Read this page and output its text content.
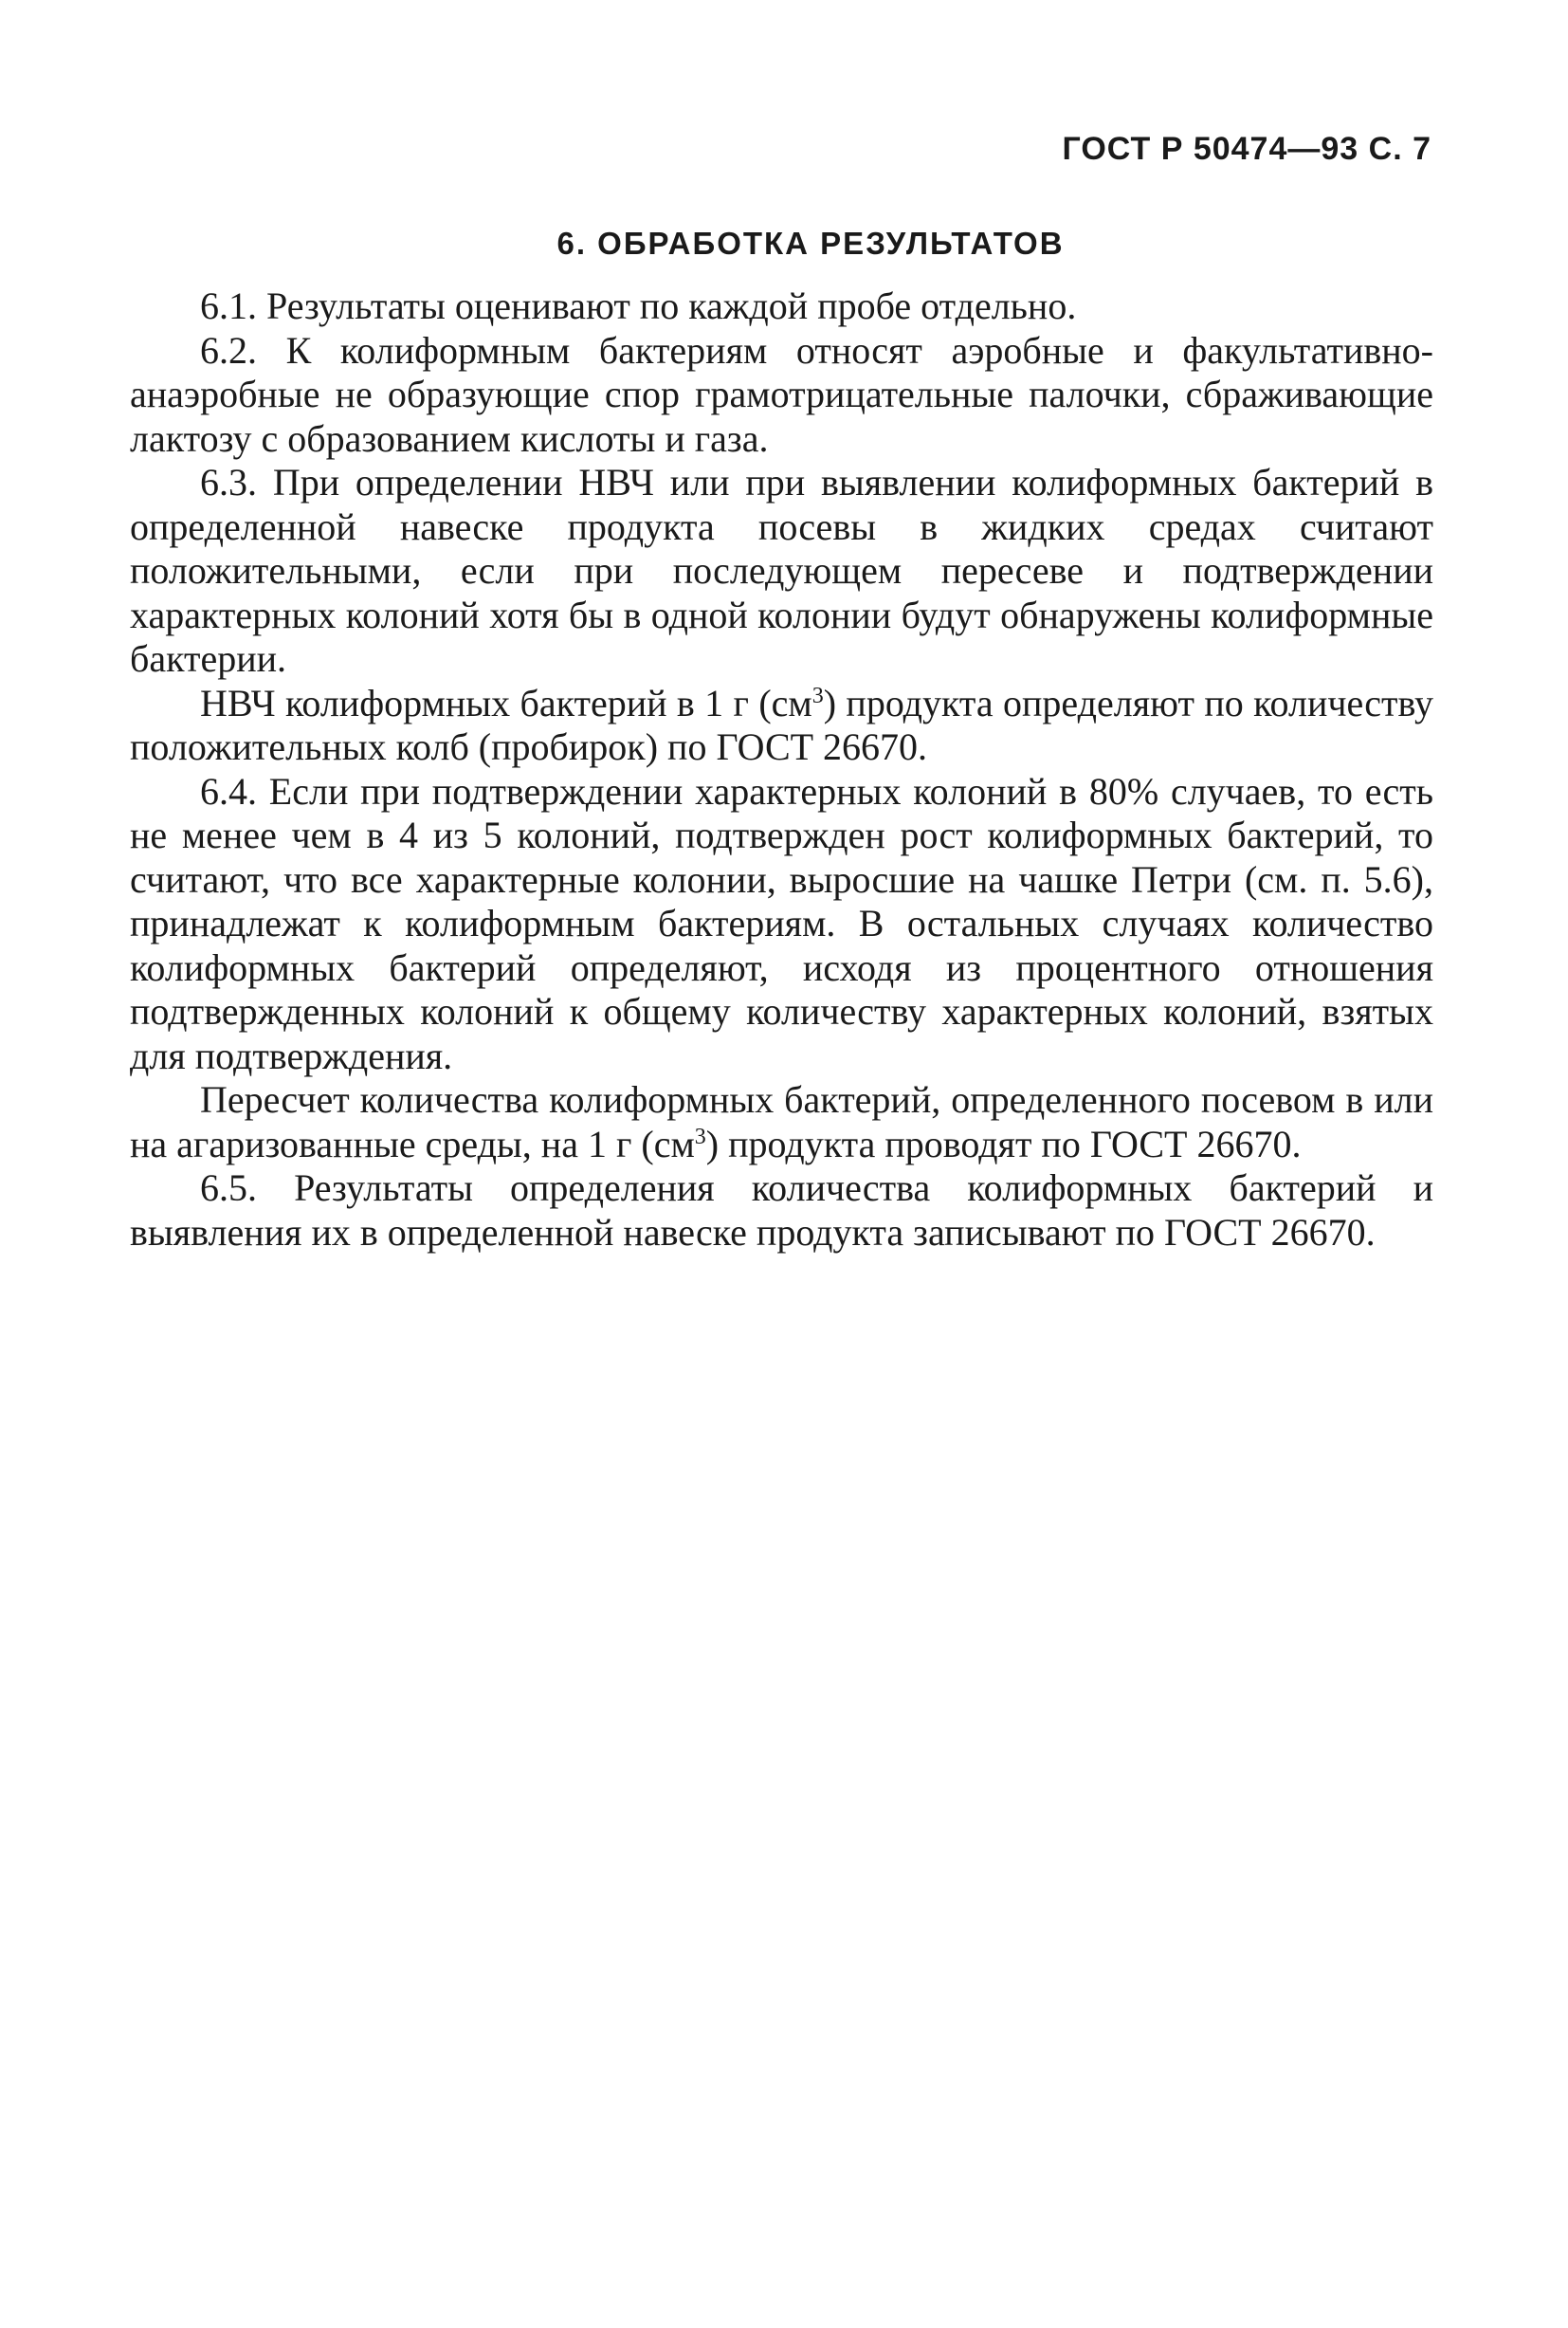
ГОСТ Р 50474—93 С. 7
6. ОБРАБОТКА РЕЗУЛЬТАТОВ

6.1. Результаты оценивают по каждой пробе отдельно.

6.2. К колиформным бактериям относят аэробные и факультативно-анаэробные не образующие спор грамотрицательные палочки, сбраживающие лактозу с образованием кислоты и газа.

6.3. При определении НВЧ или при выявлении колиформных бактерий в определенной навеске продукта посевы в жидких средах считают положительными, если при последующем пересеве и подтверждении характерных колоний хотя бы в одной колонии будут обнаружены колиформные бактерии.

НВЧ колиформных бактерий в 1 г $(см^3)$ продукта определяют по количеству положительных колб (пробирок) по ГОСТ 26670.

6.4. Если при подтверждении характерных колоний в 80% случаев, то есть не менее чем в 4 из 5 колоний, подтвержден рост колиформных бактерий, то считают, что все характерные колонии, выросшие на чашке Петри (см. п. 5.6), принадлежат к колиформным бактериям. В остальных случаях количество колиформных бактерий определяют, исходя из процентного отношения подтвержденных колоний к общему количеству характерных колоний, взятых для подтверждения.

Пересчет количества колиформных бактерий, определенного посевом в или на агаризованные среды, на 1 г $(см^3)$ продукта проводят по ГОСТ 26670.

6.5. Результаты определения количества колиформных бактерий и выявления их в определенной навеске продукта записывают по ГОСТ 26670.
